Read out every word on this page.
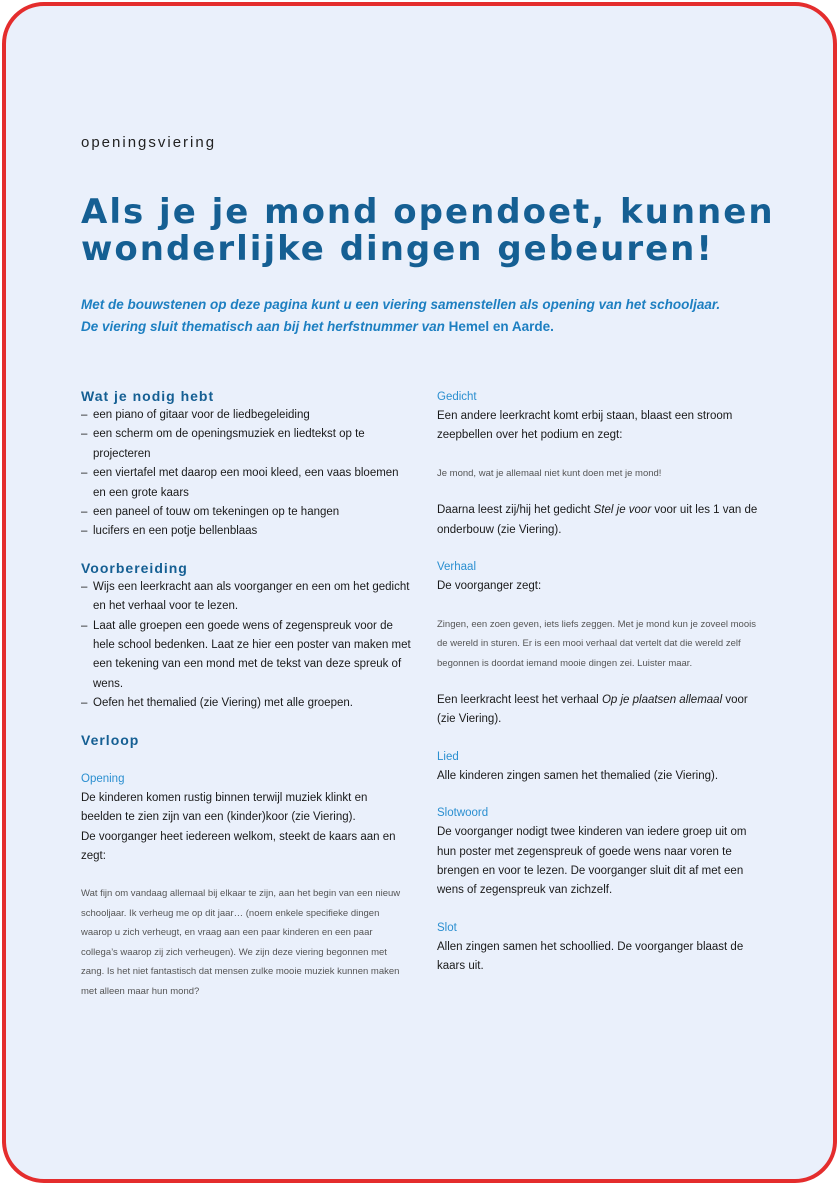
openingsviering
Als je je mond opendoet, kunnen
wonderlijke dingen gebeuren!
Met de bouwstenen op deze pagina kunt u een viering samenstellen als opening van het schooljaar.
De viering sluit thematisch aan bij het herfstnummer van Hemel en Aarde.
Wat je nodig hebt
– een piano of gitaar voor de liedbegeleiding
– een scherm om de openingsmuziek en liedtekst op te projecteren
– een viertafel met daarop een mooi kleed, een vaas bloemen en een grote kaars
– een paneel of touw om tekeningen op te hangen
– lucifers en een potje bellenblaas
Voorbereiding
– Wijs een leerkracht aan als voorganger en een om het gedicht en het verhaal voor te lezen.
– Laat alle groepen een goede wens of zegenspreuk voor de hele school bedenken. Laat ze hier een poster van maken met een tekening van een mond met de tekst van deze spreuk of wens.
– Oefen het themalied (zie Viering) met alle groepen.
Verloop
Opening

De kinderen komen rustig binnen terwijl muziek klinkt en beelden te zien zijn van een (kinder)koor (zie Viering).

De voorganger heet iedereen welkom, steekt de kaars aan en zegt:

Wat fijn om vandaag allemaal bij elkaar te zijn, aan het begin van een nieuw schooljaar. Ik verheug me op dit jaar… (noem enkele specifieke dingen waarop u zich verheugt, en vraag aan een paar kinderen en een paar collega’s waarop zij zich verheugen). We zijn deze viering begonnen met zang. Is het niet fantastisch dat mensen zulke mooie muziek kunnen maken met alleen maar hun mond?

Gedicht

Een andere leerkracht komt erbij staan, blaast een stroom zeepbellen over het podium en zegt:

Je mond, wat je allemaal niet kunt doen met je mond!

Daarna leest zij/hij het gedicht Stel je voor voor uit les 1 van de onderbouw (zie Viering).

Verhaal

De voorganger zegt:

Zingen, een zoen geven, iets liefs zeggen. Met je mond kun je zoveel moois de wereld in sturen. Er is een mooi verhaal dat vertelt dat die wereld zelf begonnen is doordat iemand mooie dingen zei. Luister maar.

Een leerkracht leest het verhaal Op je plaatsen allemaal voor (zie Viering).

Lied

Alle kinderen zingen samen het themalied (zie Viering).

Slotwoord

De voorganger nodigt twee kinderen van iedere groep uit om hun poster met zegenspreuk of goede wens naar voren te brengen en voor te lezen. De voorganger sluit dit af met een wens of zegenspreuk van zichzelf.

Slot

Allen zingen samen het schoollied. De voorganger blaast de kaars uit.
